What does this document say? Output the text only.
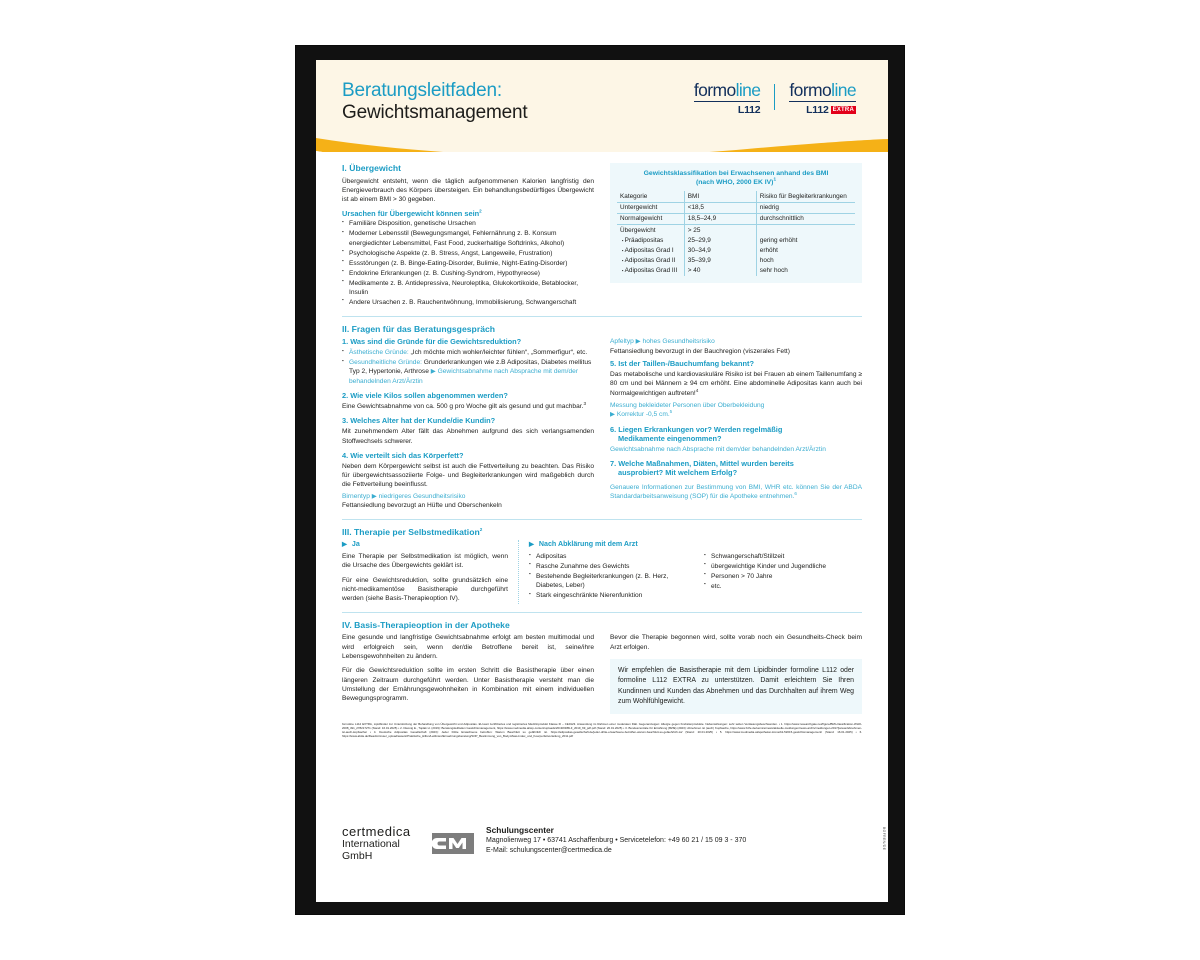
Beratungsleitfaden:
Gewichtsmanagement
formoline
L112
formoline
L112 EXTRA
I. Übergewicht

Übergewicht entsteht, wenn die täglich aufgenommenen Kalorien langfristig den Energieverbrauch des Körpers übersteigen. Ein behandlungsbedürftiges Übergewicht ist ab einem BMI > 30 gegeben.

Ursachen für Übergewicht können sein$^2$
▪ Familiäre Disposition, genetische Ursachen
▪ Moderner Lebensstil (Bewegungsmangel, Fehlernährung z. B. Konsum energiedichter Lebensmittel, Fast Food, zuckerhaltige Softdrinks, Alkohol)
▪ Psychologische Aspekte (z. B. Stress, Angst, Langeweile, Frustration)
▪ Essstörungen (z. B. Binge-Eating-Disorder, Bulimie, Night-Eating-Disorder)
▪ Endokrine Erkrankungen (z. B. Cushing-Syndrom, Hypothyreose)
▪ Medikamente z. B. Antidepressiva, Neuroleptika, Glukokortikoide, Betablocker, Insulin
▪ Andere Ursachen z. B. Rauchentwöhnung, Immobilisierung, Schwangerschaft
Gewichtsklassifikation bei Erwachsenen anhand des BMI
(nach WHO, 2000 EK IV)$^1$
Kategorie	BMI	Risiko für Begleiterkrankungen
Untergewicht	<18,5	niedrig
Normalgewicht	18,5–24,9	durchschnittlich
Übergewicht	> 25	
▪ Präadipositas	25–29,9	gering erhöht
▪ Adipositas Grad I	30–34,9	erhöht
▪ Adipositas Grad II	35–39,9	hoch
▪ Adipositas Grad III	> 40	sehr hoch
II. Fragen für das Beratungsgespräch
1. Was sind die Gründe für die Gewichtsreduktion?
▪ Ästhetische Gründe: „Ich möchte mich wohler/leichter fühlen“, „Sommerfigur“, etc.
▪ Gesundheitliche Gründe: Grunderkrankungen wie z.B Adipositas, Diabetes mellitus Typ 2, Hypertonie, Arthrose ▶ Gewichtsabnahme nach Absprache mit dem/der behandelnden Arzt/Ärztin
2. Wie viele Kilos sollen abgenommen werden?

Eine Gewichtsabnahme von ca. 500 g pro Woche gilt als gesund und gut machbar.$^3$

3. Welches Alter hat der Kunde/die Kundin?

Mit zunehmendem Alter fällt das Abnehmen aufgrund des sich verlangsamenden Stoffwechsels schwerer.

4. Wie verteilt sich das Körperfett?

Neben dem Körpergewicht selbst ist auch die Fettverteilung zu beachten. Das Risiko für übergewichtsassoziierte Folge- und Begleiterkrankungen wird maßgeblich durch die Fettverteilung beeinflusst.

Birnentyp ▶ niedrigeres Gesundheitsrisiko

Fettansiedlung bevorzugt an Hüfte und Oberschenkeln

Apfeltyp ▶ hohes Gesundheitsrisiko

Fettansiedlung bevorzugt in der Bauchregion (viszerales Fett)

5. Ist der Taillen-/Bauchumfang bekannt?

Das metabolische und kardiovaskuläre Risiko ist bei Frauen ab einem Taillenumfang ≥ 80 cm und bei Männern ≥ 94 cm erhöht. Eine abdominelle Adipositas kann auch bei Normalgewichtigen auftreten!$^4$

Messung bekleideter Personen über Oberbekleidung

▶ Korrektur -0,5 cm.$^5$

6. Liegen Erkrankungen vor? Werden regelmäßig
Medikamente eingenommen?

Gewichtsabnahme nach Absprache mit dem/der behandelnden Arzt/Ärztin

7. Welche Maßnahmen, Diäten, Mittel wurden bereits
ausprobiert? Mit welchem Erfolg?

Genauere Informationen zur Bestimmung von BMI, WHR etc. können Sie der ABDA Standardarbeitsanweisung (SOP) für die Apotheke entnehmen.$^6$

III. Therapie per Selbstmedikation$^2$
▶ Ja

Eine Therapie per Selbstmedikation ist möglich, wenn die Ursache des Übergewichts geklärt ist.

Für eine Gewichtsreduktion, sollte grundsätzlich eine nicht-medikamentöse Basistherapie durchgeführt werden (siehe Basis-Therapieoption IV).

▶ Nach Abklärung mit dem Arzt
▪ Adipositas
▪ Rasche Zunahme des Gewichts
▪ Bestehende Begleiterkrankungen (z. B. Herz, Diabetes, Leber)
▪ Stark eingeschränkte Nierenfunktion
▪ Schwangerschaft/Stillzeit
▪ übergewichtige Kinder und Jugendliche
▪ Personen > 70 Jahre
▪ etc.
IV. Basis-Therapieoption in der Apotheke

Eine gesunde und langfristige Gewichtsabnahme erfolgt am besten multimodal und wird erfolgreich sein, wenn der/die Betroffene bereit ist, seine/ihre Lebensgewohnheiten zu ändern.

Für die Gewichtsreduktion sollte im ersten Schritt die Basistherapie über einen längeren Zeitraum durchgeführt werden. Unter Basistherapie versteht man die Umstellung der Ernährungsgewohnheiten in Kombination mit einem individuellen Bewegungsprogramm.

Bevor die Therapie begonnen wird, sollte vorab noch ein Gesundheits-Check beim Arzt erfolgen.

Wir empfehlen die Basistherapie mit dem Lipidbinder formoline L112 oder formoline L112 EXTRA zu unterstützen. Damit erleichtern Sie Ihren Kundinnen und Kunden das Abnehmen und das Durchhalten auf ihrem Weg zum Wohlfühlgewicht.

formoline L112 EXTRA, Lipidbinder zur Unterstützung der Behandlung von Übergewicht und Adipositas. EU-weit zertifiziertes und registriertes Medizinprodukt Klasse III – CE0123. Anwendung im Rahmen einer moderaten Diät. Gegenanzeigen: Allergie gegen Krebstierprodukte. Nebenwirkungen: sehr selten Verdauungsbeschwerden. • 1. https://www.researchgate.net/figure/BMI-classification-WHO-2008_tbl1_278217271 (Stand: 16.01.2025) • 2. Dwonig E., Toplak H. (2019): Beratungsleitfaden Gewichtsmanagement, https://www.medmedia.at/wp-content/uploads/2019/03/BLF_2019_69_pdf.pdf (Stand: 20.01.2025) • 3. Bundeszentrale für Ernährung (BZfE) (2023): Abnehmen ist (auch) Kopfsache, https://www.bzfe.de/service/news/aktuelle-meldungen/news-archiv/meldungen-2017/januar/abnehmen-ist-auch-kopfsache/ • 4. Deutsche Adipositas Gesellschaft (2023): Jeder Dritte Erwachsene betroffen: Warum Bauchfett so gefährlich ist. https://adipositas-gesellschaft.de/jeder-dritte-erwachsene-betroffen-warum-bauchfett-so-gefaehrlich-ist/ (Stand: 20.01.2025) • 5. https://www.medmedia.at/apotheker-krone/bit-52015-gewichtsmanagement/ (Stand: 16.01.2025) • 6. https://www.abda.de/fileadmin/user_upload/assets/Praktische_Hilfen/Leitlinien/Ernaehrungsberatung/SOP_Bestimmung_von_Body-Mass-Index_und_Koerperfettverteilung_2011.pdf
certmedica
International GmbH
Schulungscenter
Magnolienweg 17 • 63741 Aschaffenburg • Servicetelefon: +49 60 21 / 15 09 3 - 370
E-Mail: schulungscenter@certmedica.de
BGFREN/DE
